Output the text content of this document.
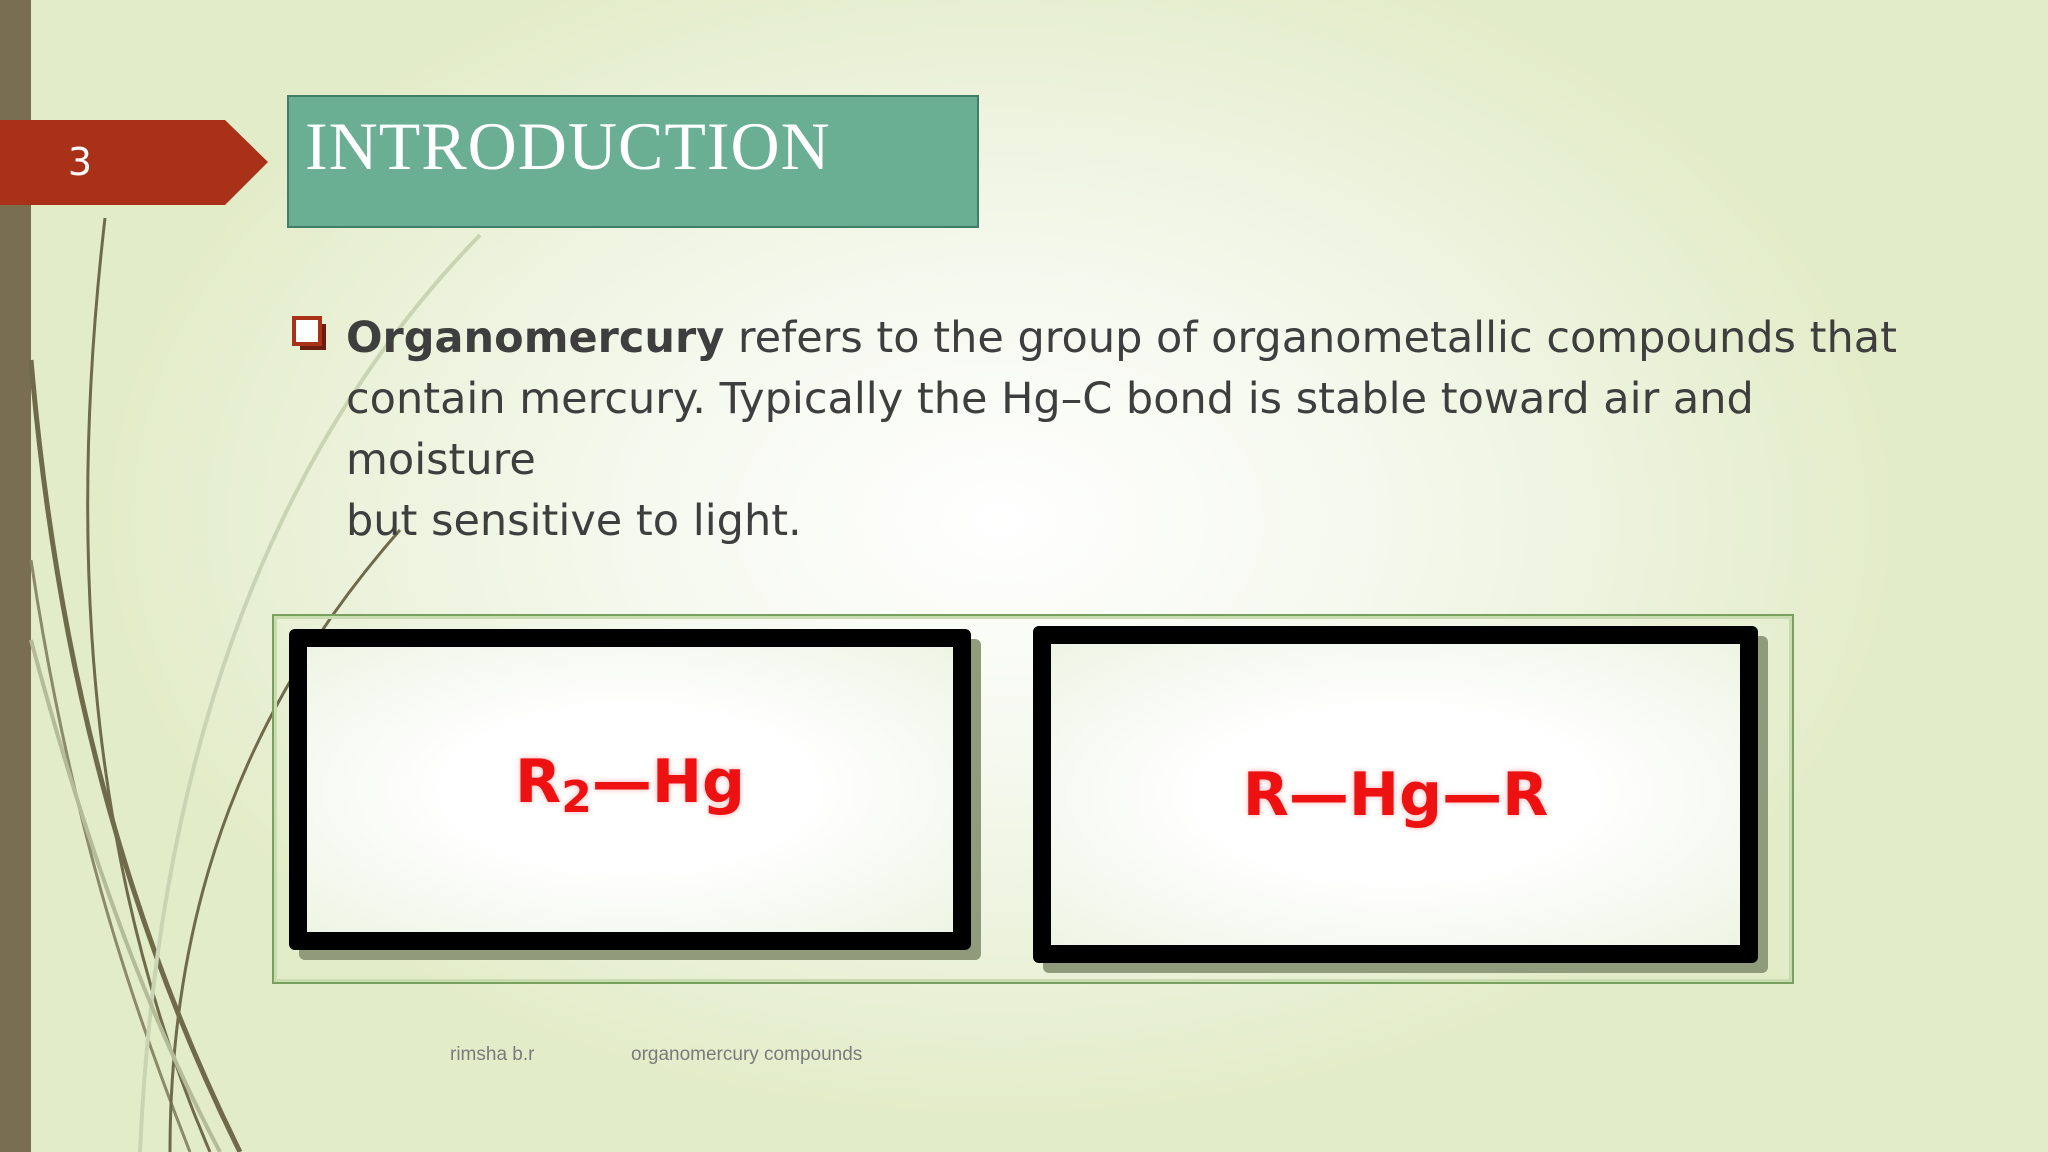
3	INTRODUCTION
Organomercury refers to the group of organometallic compounds that
contain mercury. Typically the Hg–C bond is stable toward air and moisture
but sensitive to light.
$R_2—Hg$	R—Hg—R
rimsha b.r	organomercury compounds
